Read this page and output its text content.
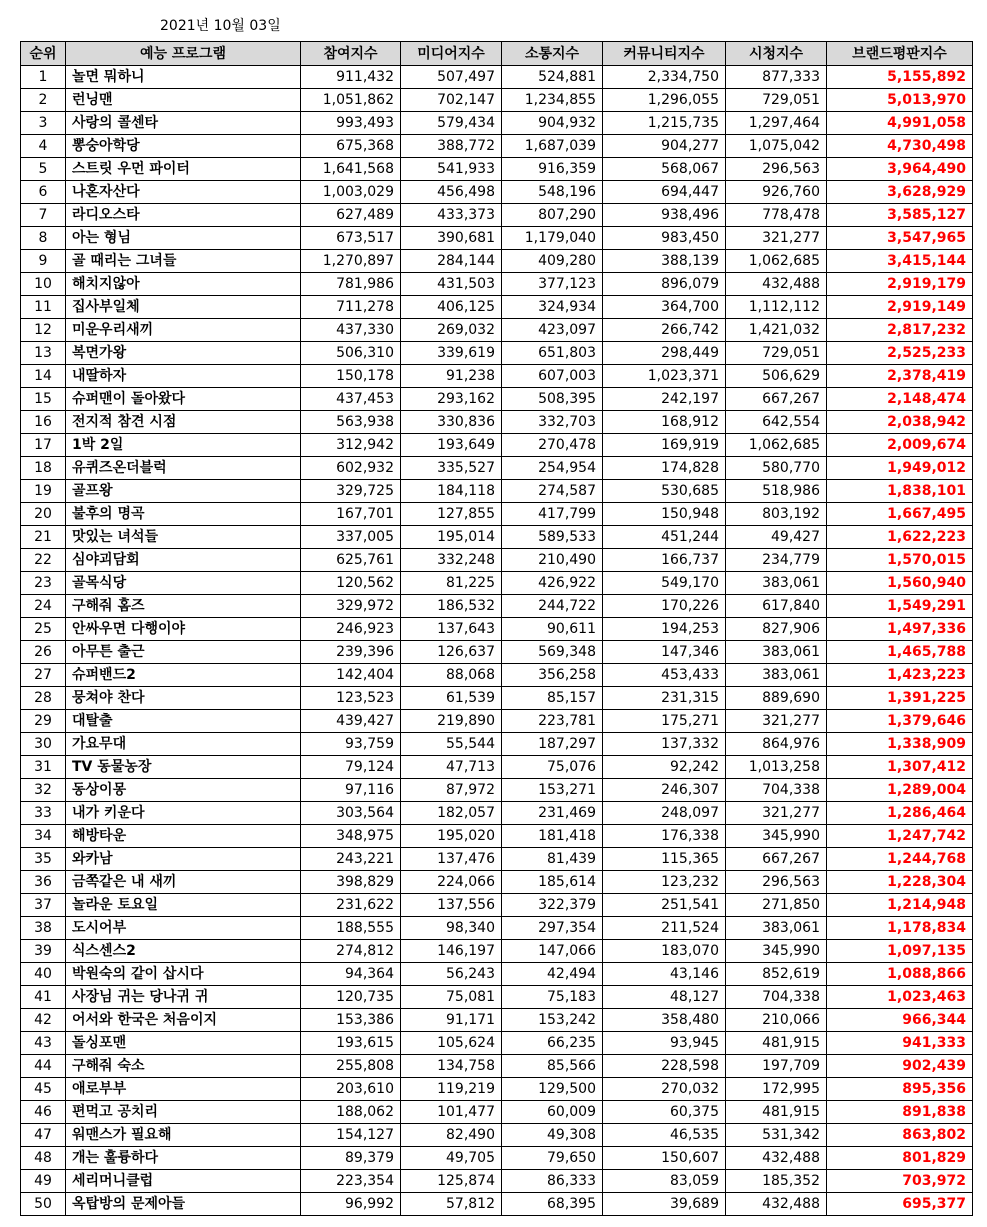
2021년 10월 03일
순위	예능 프로그램	참여지수	미디어지수	소통지수	커뮤니티지수	시청지수	브랜드평판지수
1	놀면 뭐하니	911,432	507,497	524,881	2,334,750	877,333	5,155,892
2	런닝맨	1,051,862	702,147	1,234,855	1,296,055	729,051	5,013,970
3	사랑의 콜센타	993,493	579,434	904,932	1,215,735	1,297,464	4,991,058
4	뽕숭아학당	675,368	388,772	1,687,039	904,277	1,075,042	4,730,498
5	스트릿 우먼 파이터	1,641,568	541,933	916,359	568,067	296,563	3,964,490
6	나혼자산다	1,003,029	456,498	548,196	694,447	926,760	3,628,929
7	라디오스타	627,489	433,373	807,290	938,496	778,478	3,585,127
8	아는 형님	673,517	390,681	1,179,040	983,450	321,277	3,547,965
9	골 때리는 그녀들	1,270,897	284,144	409,280	388,139	1,062,685	3,415,144
10	해치지않아	781,986	431,503	377,123	896,079	432,488	2,919,179
11	집사부일체	711,278	406,125	324,934	364,700	1,112,112	2,919,149
12	미운우리새끼	437,330	269,032	423,097	266,742	1,421,032	2,817,232
13	복면가왕	506,310	339,619	651,803	298,449	729,051	2,525,233
14	내딸하자	150,178	91,238	607,003	1,023,371	506,629	2,378,419
15	슈퍼맨이 돌아왔다	437,453	293,162	508,395	242,197	667,267	2,148,474
16	전지적 참견 시점	563,938	330,836	332,703	168,912	642,554	2,038,942
17	1박 2일	312,942	193,649	270,478	169,919	1,062,685	2,009,674
18	유퀴즈온더블럭	602,932	335,527	254,954	174,828	580,770	1,949,012
19	골프왕	329,725	184,118	274,587	530,685	518,986	1,838,101
20	불후의 명곡	167,701	127,855	417,799	150,948	803,192	1,667,495
21	맛있는 녀석들	337,005	195,014	589,533	451,244	49,427	1,622,223
22	심야괴담회	625,761	332,248	210,490	166,737	234,779	1,570,015
23	골목식당	120,562	81,225	426,922	549,170	383,061	1,560,940
24	구해줘 홈즈	329,972	186,532	244,722	170,226	617,840	1,549,291
25	안싸우면 다행이야	246,923	137,643	90,611	194,253	827,906	1,497,336
26	아무튼 출근	239,396	126,637	569,348	147,346	383,061	1,465,788
27	슈퍼밴드2	142,404	88,068	356,258	453,433	383,061	1,423,223
28	뭉쳐야 찬다	123,523	61,539	85,157	231,315	889,690	1,391,225
29	대탈출	439,427	219,890	223,781	175,271	321,277	1,379,646
30	가요무대	93,759	55,544	187,297	137,332	864,976	1,338,909
31	TV 동물농장	79,124	47,713	75,076	92,242	1,013,258	1,307,412
32	동상이몽	97,116	87,972	153,271	246,307	704,338	1,289,004
33	내가 키운다	303,564	182,057	231,469	248,097	321,277	1,286,464
34	해방타운	348,975	195,020	181,418	176,338	345,990	1,247,742
35	와카남	243,221	137,476	81,439	115,365	667,267	1,244,768
36	금쪽같은 내 새끼	398,829	224,066	185,614	123,232	296,563	1,228,304
37	놀라운 토요일	231,622	137,556	322,379	251,541	271,850	1,214,948
38	도시어부	188,555	98,340	297,354	211,524	383,061	1,178,834
39	식스센스2	274,812	146,197	147,066	183,070	345,990	1,097,135
40	박원숙의 같이 삽시다	94,364	56,243	42,494	43,146	852,619	1,088,866
41	사장님 귀는 당나귀 귀	120,735	75,081	75,183	48,127	704,338	1,023,463
42	어서와 한국은 처음이지	153,386	91,171	153,242	358,480	210,066	966,344
43	돌싱포맨	193,615	105,624	66,235	93,945	481,915	941,333
44	구해줘 숙소	255,808	134,758	85,566	228,598	197,709	902,439
45	애로부부	203,610	119,219	129,500	270,032	172,995	895,356
46	편먹고 공치리	188,062	101,477	60,009	60,375	481,915	891,838
47	워맨스가 필요해	154,127	82,490	49,308	46,535	531,342	863,802
48	개는 훌륭하다	89,379	49,705	79,650	150,607	432,488	801,829
49	세리머니클럽	223,354	125,874	86,333	83,059	185,352	703,972
50	옥탑방의 문제아들	96,992	57,812	68,395	39,689	432,488	695,377
